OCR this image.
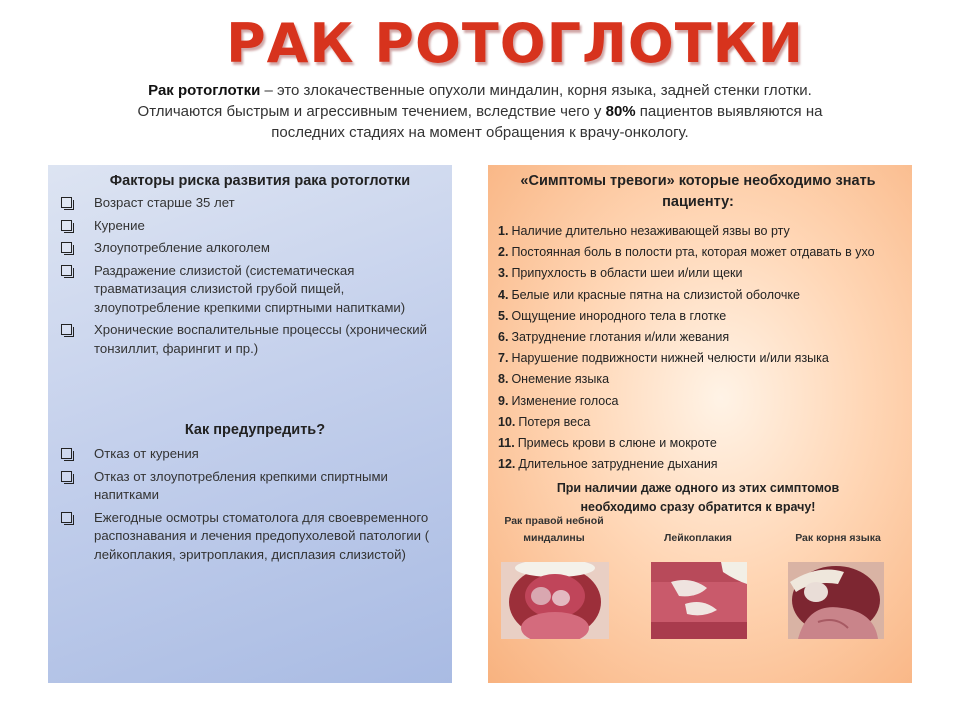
РАК РОТОГЛОТКИ
Рак ротоглотки – это злокачественные опухоли миндалин, корня языка, задней стенки глотки.
Отличаются быстрым и агрессивным течением, вследствие чего у 80% пациентов выявляются на
последних стадиях на момент обращения к врачу-онкологу.
Факторы риска развития рака ротоглотки
Возраст старше 35 лет
Курение
Злоупотребление алкоголем
Раздражение слизистой (систематическая травматизация слизистой грубой пищей, злоупотребление крепкими спиртными напитками)
Хронические воспалительные процессы (хронический тонзиллит, фарингит и пр.)
Как предупредить?
Отказ от курения
Отказ от злоупотребления крепкими спиртными напитками
Ежегодные осмотры стоматолога для своевременного распознавания и лечения предопухолевой патологии ( лейкоплакия, эритроплакия, дисплазия слизистой)
«Симптомы тревоги» которые необходимо знать пациенту:
1. Наличие длительно незаживающей язвы во рту
2. Постоянная боль в полости рта, которая может отдавать в ухо
3. Припухлость в области шеи и/или щеки
4. Белые или красные пятна на слизистой оболочке
5. Ощущение инородного тела в глотке
6. Затруднение глотания и/или жевания
7. Нарушение подвижности нижней челюсти и/или языка
8. Онемение языка
9. Изменение голоса
10. Потеря веса
11. Примесь крови в слюне и мокроте
12. Длительное затруднение дыхания
При наличии даже одного из этих симптомов
необходимо сразу обратится к врачу!
Рак правой небной
миндалины	Лейкоплакия	Рак корня языка
